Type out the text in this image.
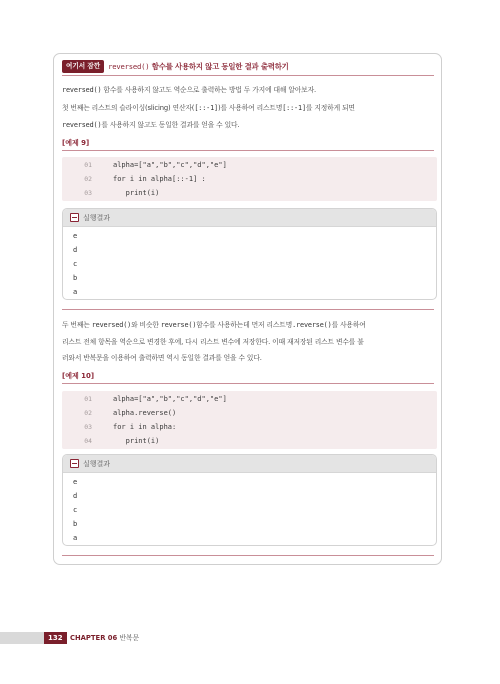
여기서 잠깐	reversed() 함수를 사용하지 않고 동일한 결과 출력하기
reversed() 함수를 사용하지 않고도 역순으로 출력하는 방법 두 가지에 대해 알아보자.
첫 번째는 리스트의 슬라이싱(slicing) 연산자([::-1])를 사용하여 리스트명[::-1]를 지정하게 되면
reversed()를 사용하지 않고도 동일한 결과를 얻을 수 있다.
[예제 9]
01	alpha=["a","b","c","d","e"]
02	for i in alpha[::-1] :
03	print(i)
실행결과
e
d
c
b
a
두 번째는 reversed()와 비슷한 reverse()함수를 사용하는데 먼저 리스트명.reverse()를 사용하여
리스트 전체 항목을 역순으로 변경한 후에, 다시 리스트 변수에 저장한다. 이때 재저장된 리스트 변수를 불
러와서 반복문을 이용하여 출력하면 역시 동일한 결과를 얻을 수 있다.
[예제 10]
01	alpha=["a","b","c","d","e"]
02	alpha.reverse()
03	for i in alpha:
04	print(i)
실행결과
e
d
c
b
a
132	CHAPTER 06 반복문
